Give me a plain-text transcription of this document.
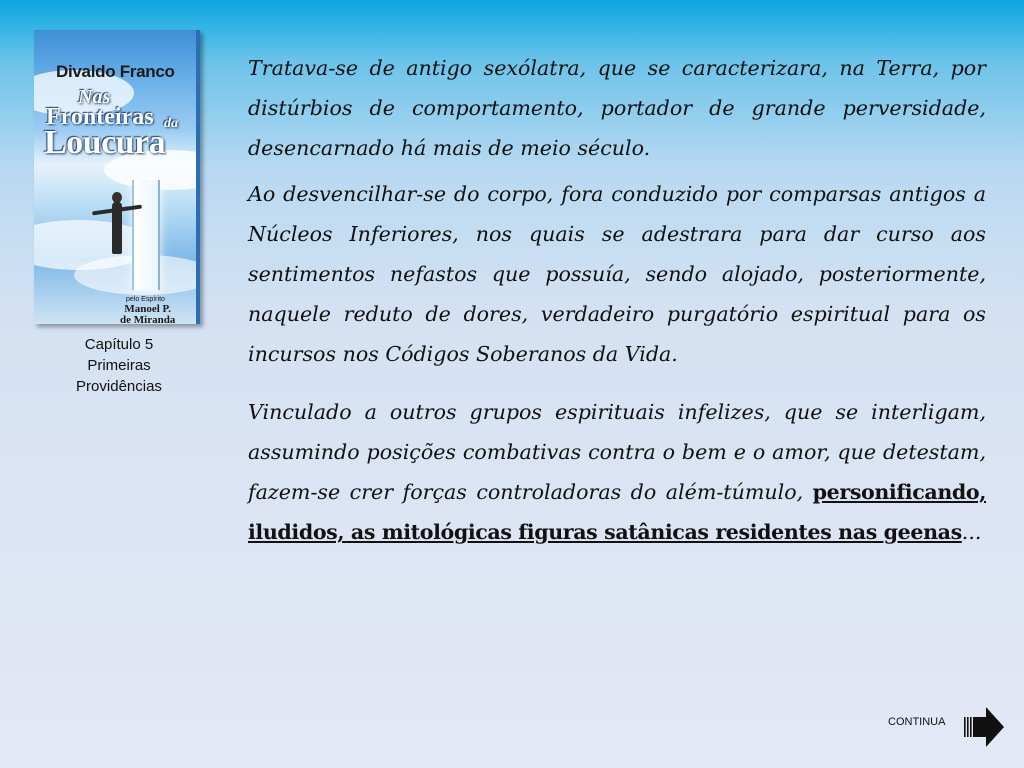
Divaldo Franco
Nas
Fronteiras da
Loucura
pelo Espírito
Manoel P.
de Miranda
Capítulo 5
Primeiras
Providências

Tratava-se de antigo sexólatra, que se caracterizara, na Terra, por distúrbios de comportamento, portador de grande perversidade, desencarnado há mais de meio século.

Ao desvencilhar-se do corpo, fora conduzido por comparsas antigos a Núcleos Inferiores, nos quais se adestrara para dar curso aos sentimentos nefastos que possuía, sendo alojado, posteriormente, naquele reduto de dores, verdadeiro purgatório espiritual para os incursos nos Códigos Soberanos da Vida.

Vinculado a outros grupos espirituais infelizes, que se interligam, assumindo posições combativas contra o bem e o amor, que detestam, fazem-se crer forças controladoras do além-túmulo, personificando, iludidos, as mitológicas figuras satânicas residentes nas geenas...

CONTINUA
